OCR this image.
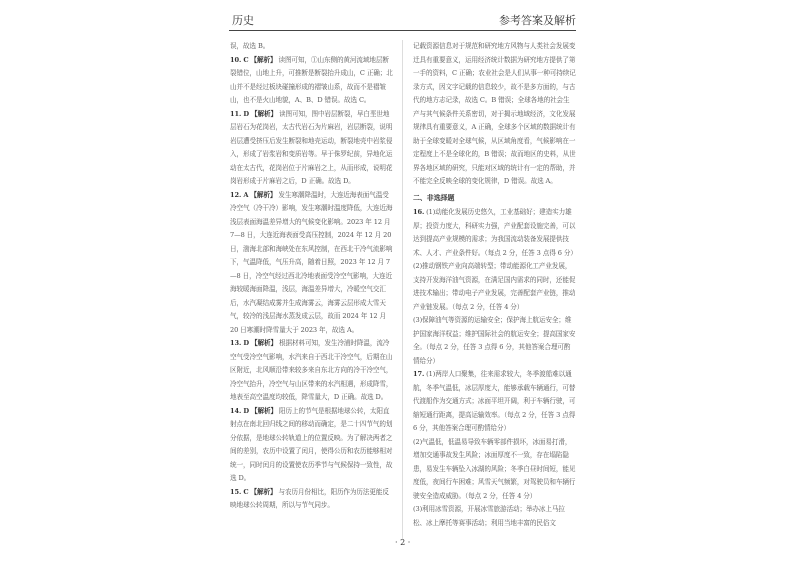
历史	参考答案及解析

误，故选 B。

10. C 【解析】 读图可知，①山东侧的黄河流域地层断裂错位，山地上升，可推断是断裂抬升成山，C 正确；北山并不是经过板块碰撞形成的褶皱山系，故而不是褶皱山，也不是火山地貌，A、B、D 错误。故选 C。
11. D 【解析】 读图可知，图中岩层断裂，早白垩世地层岩石为花岗岩，太古代岩石为片麻岩，岩层断裂，说明岩层遭受挤压后发生断裂和地壳运动，断裂地壳中岩浆侵入，形成了岩浆岩和变质岩等。早于侏罗纪前，异地化运动在太古代，花岗岩位于片麻岩之上，从而形成，说明花岗岩形成于片麻岩之后，D 正确。故选 D。
12. A 【解析】 发生寒潮降温时，大连近海表面气温受冷空气（冷干冷）影响，发生寒潮时温度降低，大连近海浅层表面海温差异增大的气候变化影响。2023 年 12 月 7—8 日，大连近海表面受高压控制，2024 年 12 月 20 日，渤海北部和海峡处在东风控制，在西北干冷气流影响下，气温降低，气压升高，随着日照，2023 年 12 月 7—8 日，冷空气经过西北冷地表面受冷空气影响，大连近海较暖海面降温，浅层，海温差异增大，冷暖空气交汇后，水汽凝结成雾并生成海雾云，海雾云层形成大雪天气，较冷的浅层海水蒸发成云层，故而 2024 年 12 月 20 日寒潮时降雪量大于 2023 年，故选 A。
13. D 【解析】 根据材料可知，发生冷浦时降温，流冷空气受冷空气影响，水汽来自于西北干冷空气，后期在山区附近，北风顺沿带来较多来自东北方向的冷干冷空气，冷空气抬升，冷空气与山区带来的水汽相遇，形成降雪，地表至高空温度均较低，降雪量大，D 正确。故选 D。
14. D 【解析】 阳历上的节气是根据地球公转，太阳直射点在南北回归线之间的移动而确定，是二十四节气的划分依据，是地球公转轨道上的位置反映。为了解决两者之间的差别，农历中设置了闰月，使得公历和农历能够相对统一，同时闰月的设置使农历季节与气候保持一致性，故选 D。
15. C 【解析】 与农历月份相比，阳历作为历法更能反映地球公转周期，所以与节气同步。

记载资源信息对于规范和研究地方风物与人类社会发展变迁具有重要意义，运用经济统计数据为研究地方提供了第一手的资料，C 正确；农业社会是人们从事一种可持续记录方式，因文字记载的信息较少，故不是多方面的，与古代的地方志记录，故选 C。B 错误；全球各地的社会生产与其气候条件关系密切，对于揭示地域经济，文化发展规律具有重要意义，A 正确，全球多个区域的数据统计有助于全球变暖对全球气候，从区域角度看，气候影响在一定程度上不是全球化的，B 错误；故而地区的史料，从世界各地区域的研究，只能对区域的统计有一定的帮助，并不能完全反映全球的变化规律，D 错误。故选 A。

二、非选择题
16. (1)动能化发展历史悠久，工业基础好；建造实力雄厚；投资力度大，科研实力强，产业配套设施完善，可以达到提高产业规模的需求；为我国流动装备发展提供技术、人才、产业条件好。（每点 2 分，任答 3 点得 6 分）
(2)推动钢铁产业向高端转型；带动能源化工产业发展，支持开发海洋油气资源，在满足国内需求的同时，还能促进技术输出；带动电子产业发展，完善配套产业链，推动产业链发展。（每点 2 分，任答 4 分）
(3)保障油气等资源的运输安全；保护海上航运安全；维护国家海洋权益；维护国际社会的航运安全；提高国家安全。（每点 2 分，任答 3 点得 6 分，其他答案合理可酌情给分）
17. (1)两岸人口聚集，往来需求较大，冬季渡船难以通航，冬季气温低，冰层厚度大，能够承载车辆通行，可替代渡船作为交通方式；冰面平坦开阔，利于车辆行驶，可缩短通行距离，提高运输效率。（每点 2 分，任答 3 点得 6 分，其他答案合理可酌情给分）
(2)气温低，低温易导致车辆零部件损坏，冰面易打滑，增加交通事故发生风险；冰面厚度不一致，存在塌陷隐患，易发生车辆坠入冰湖的风险；冬季白昼时间短，能见度低，夜间行车困难；风雪天气频繁，对驾驶员和车辆行驶安全造成威胁。（每点 2 分，任答 4 分）
(3)利用冰雪资源，开展冰雪旅游活动；举办冰上马拉松、冰上摩托等赛事活动；利用当地丰富的民俗文
· 2 ·
